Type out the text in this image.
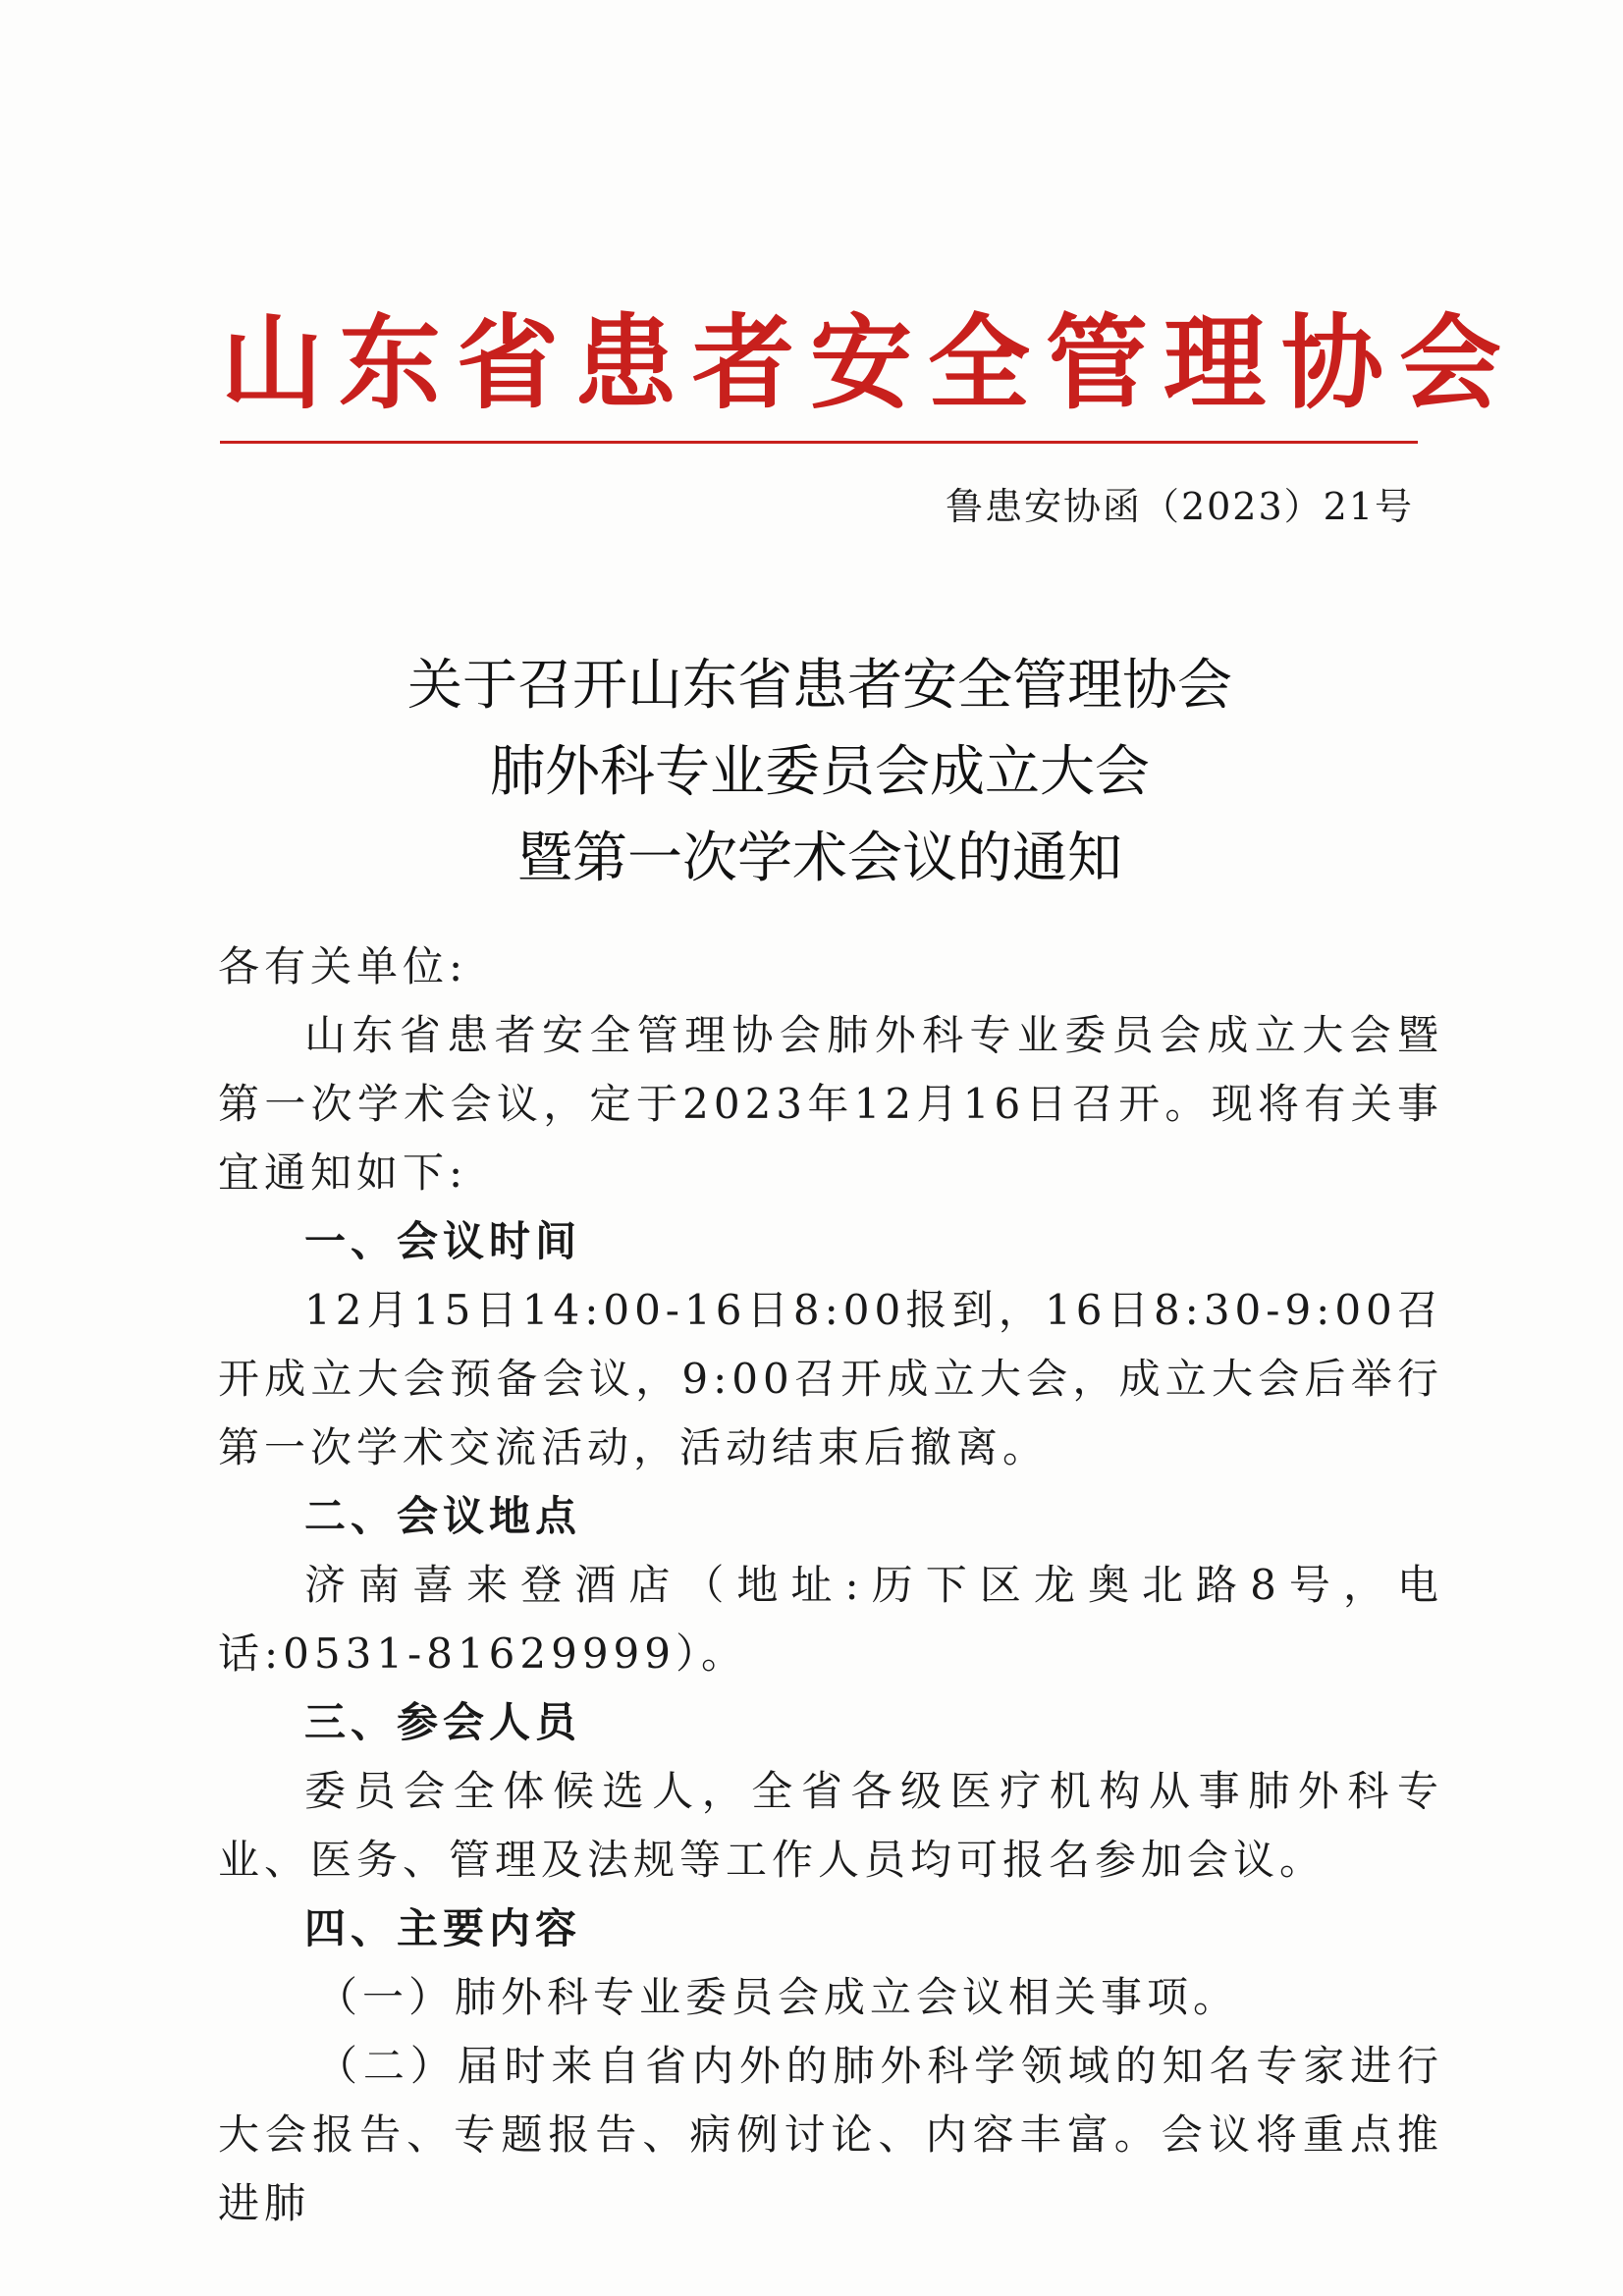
山东省患者安全管理协会
鲁患安协函（2023）21号
关于召开山东省患者安全管理协会
肺外科专业委员会成立大会
暨第一次学术会议的通知

各有关单位:

山东省患者安全管理协会肺外科专业委员会成立大会暨第一次学术会议，定于2023年12月16日召开。现将有关事宜通知如下:

一、会议时间

12月15日14:00-16日8:00报到，16日8:30-9:00召开成立大会预备会议，9:00召开成立大会，成立大会后举行第一次学术交流活动，活动结束后撤离。

二、会议地点

济南喜来登酒店（地址:历下区龙奥北路8号，电话:0531-81629999）。

三、参会人员

委员会全体候选人，全省各级医疗机构从事肺外科专业、医务、管理及法规等工作人员均可报名参加会议。

四、主要内容

（一）肺外科专业委员会成立会议相关事项。

（二）届时来自省内外的肺外科学领域的知名专家进行大会报告、专题报告、病例讨论、内容丰富。会议将重点推进肺
